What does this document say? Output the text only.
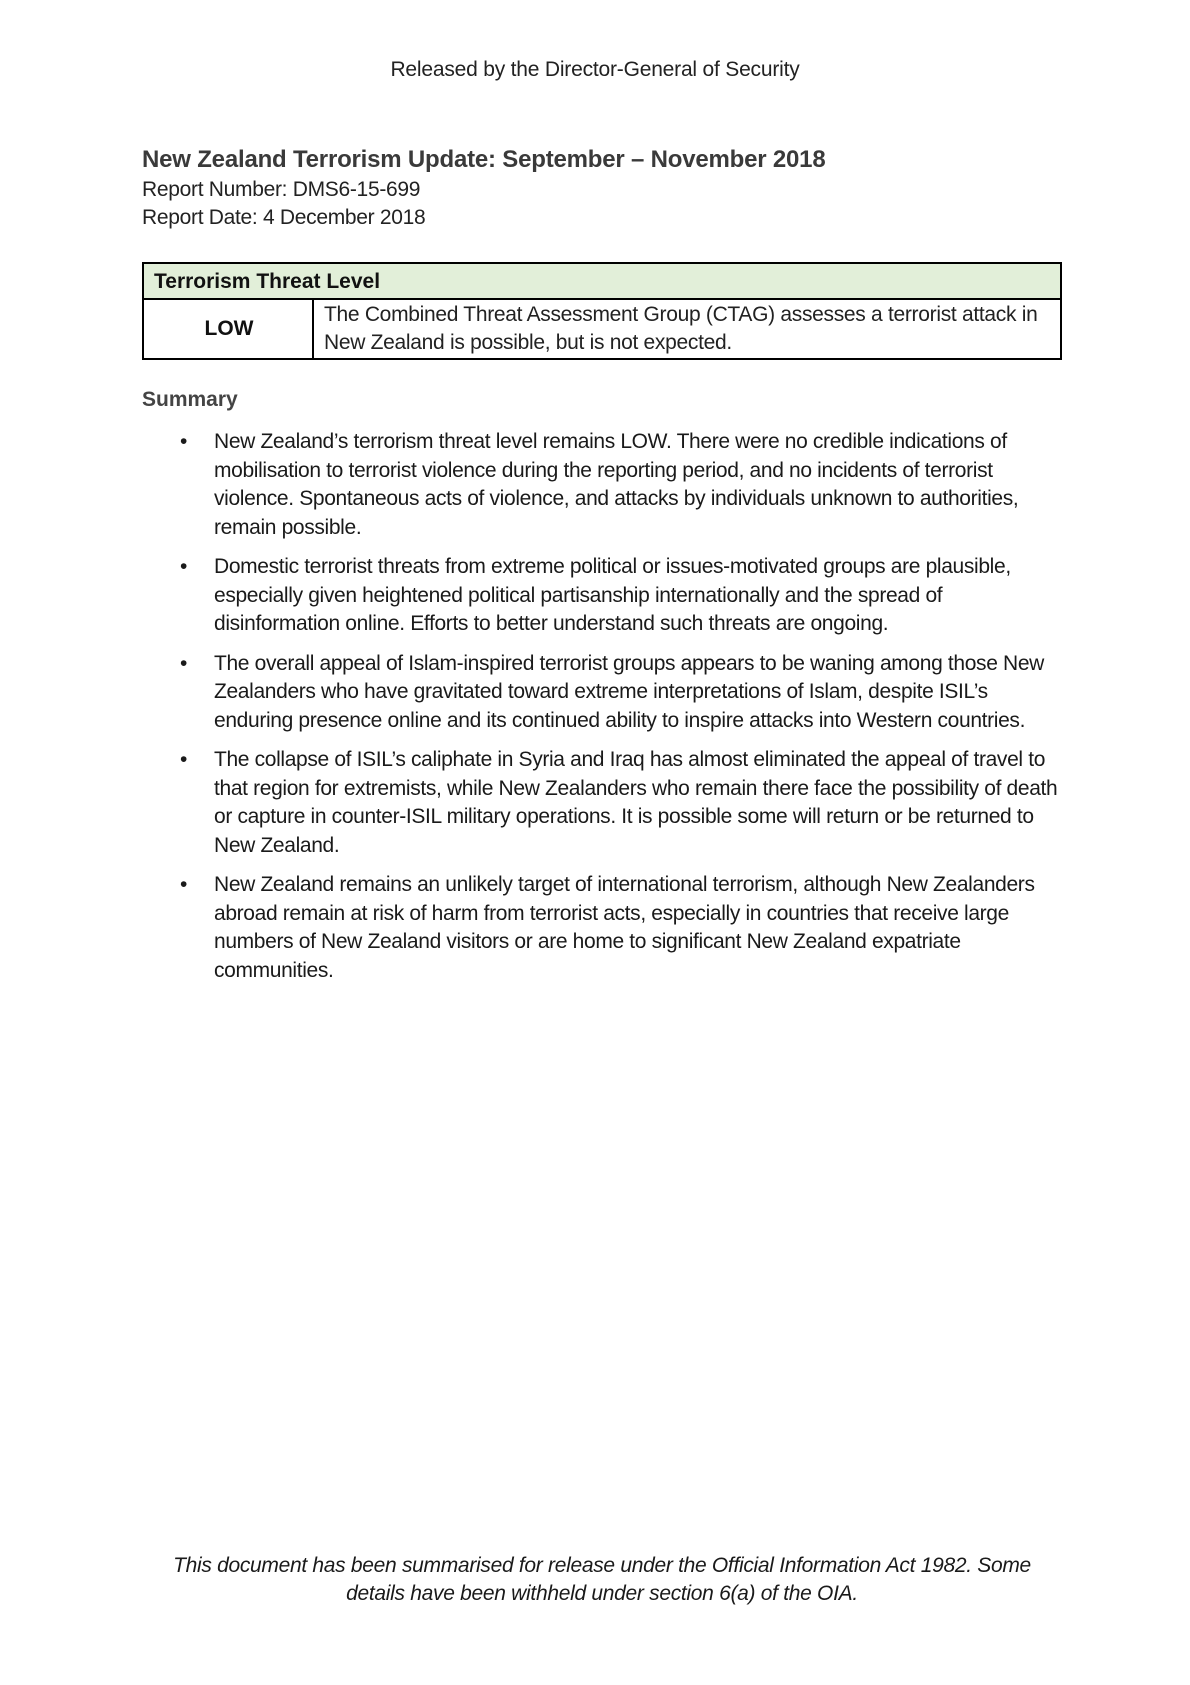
Released by the Director-General of Security
New Zealand Terrorism Update: September – November 2018
Report Number: DMS6-15-699
Report Date: 4 December 2018
Terrorism Threat Level
LOW	The Combined Threat Assessment Group (CTAG) assesses a terrorist attack in New Zealand is possible, but is not expected.
Summary
• New Zealand’s terrorism threat level remains LOW. There were no credible indications of mobilisation to terrorist violence during the reporting period, and no incidents of terrorist violence. Spontaneous acts of violence, and attacks by individuals unknown to authorities, remain possible.
• Domestic terrorist threats from extreme political or issues-motivated groups are plausible, especially given heightened political partisanship internationally and the spread of disinformation online. Efforts to better understand such threats are ongoing.
• The overall appeal of Islam-inspired terrorist groups appears to be waning among those New Zealanders who have gravitated toward extreme interpretations of Islam, despite ISIL’s enduring presence online and its continued ability to inspire attacks into Western countries.
• The collapse of ISIL’s caliphate in Syria and Iraq has almost eliminated the appeal of travel to that region for extremists, while New Zealanders who remain there face the possibility of death or capture in counter-ISIL military operations. It is possible some will return or be returned to New Zealand.
• New Zealand remains an unlikely target of international terrorism, although New Zealanders abroad remain at risk of harm from terrorist acts, especially in countries that receive large numbers of New Zealand visitors or are home to significant New Zealand expatriate communities.
This document has been summarised for release under the Official Information Act 1982. Some details have been withheld under section 6(a) of the OIA.
